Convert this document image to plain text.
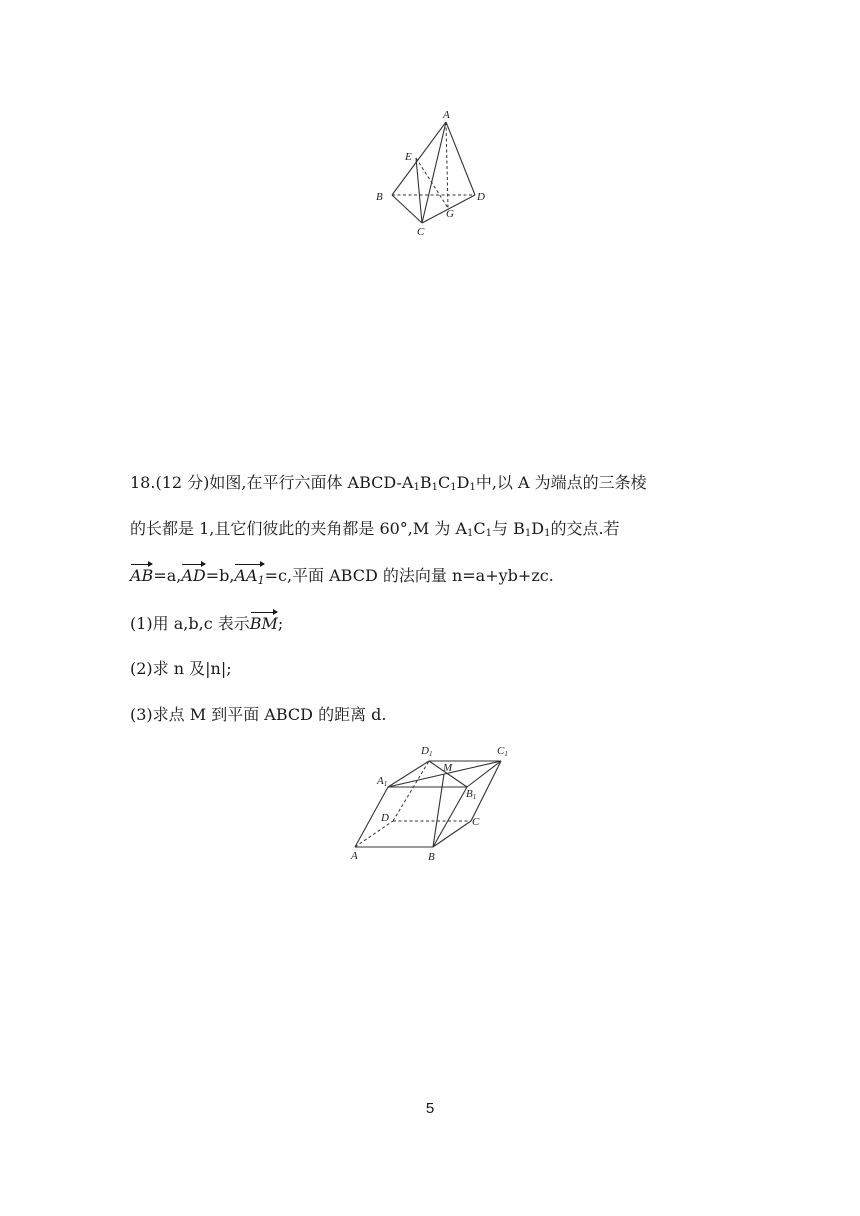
A
E
B	D
C
G
18.(12 分)如图,在平行六面体 ABCD-$A_1B_1C_1D_1$中,以 A 为端点的三条棱
的长都是 1,且它们彼此的夹角都是 60°,M 为 $A_1C_1$与 $B_1D_1$的交点.若
AB=a,AD=b,AA1=c,平面 ABCD 的法向量 n=a+yb+zc.
(1)用 a,b,c 表示BM;
(2)求 n 及|n|;
(3)求点 M 到平面 ABCD 的距离 d.
D1	C1
A1
M
B1
D	C
A	B
5
